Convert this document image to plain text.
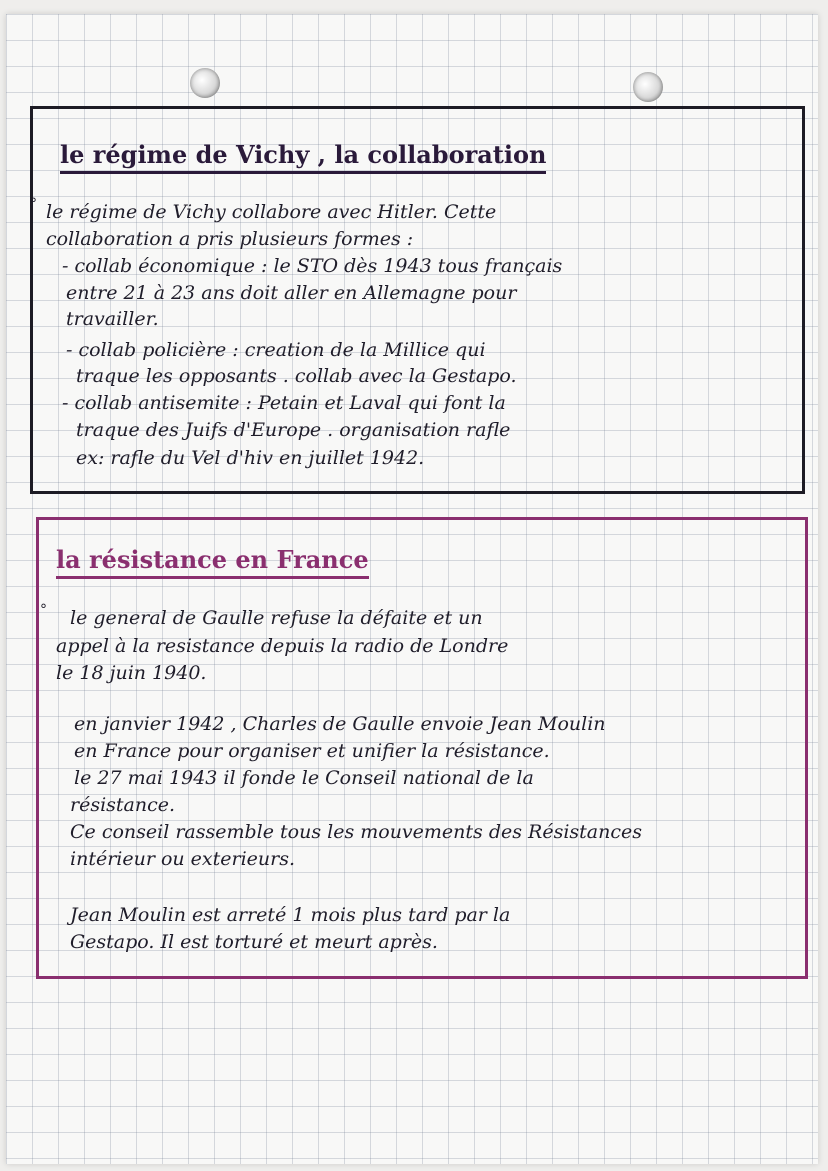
le régime de Vichy , la collaboration
° le régime de Vichy collabore avec Hitler. Cette
collaboration a pris plusieurs formes :
- collab économique : le STO dès 1943 tous français
entre 21 à 23 ans doit aller en Allemagne pour
travailler.
- collab policière : creation de la Millice qui
traque les opposants . collab avec la Gestapo.
- collab antisemite : Petain et Laval qui font la
traque des Juifs d'Europe . organisation rafle
ex: rafle du Vel d'hiv en juillet 1942.
la résistance en France
° le general de Gaulle refuse la défaite et un
appel à la resistance depuis la radio de Londre
le 18 juin 1940.
en janvier 1942 , Charles de Gaulle envoie Jean Moulin
en France pour organiser et unifier la résistance.
le 27 mai 1943 il fonde le Conseil national de la
résistance.
Ce conseil rassemble tous les mouvements des Résistances
intérieur ou exterieurs.
Jean Moulin est arreté 1 mois plus tard par la
Gestapo. Il est torturé et meurt après.
